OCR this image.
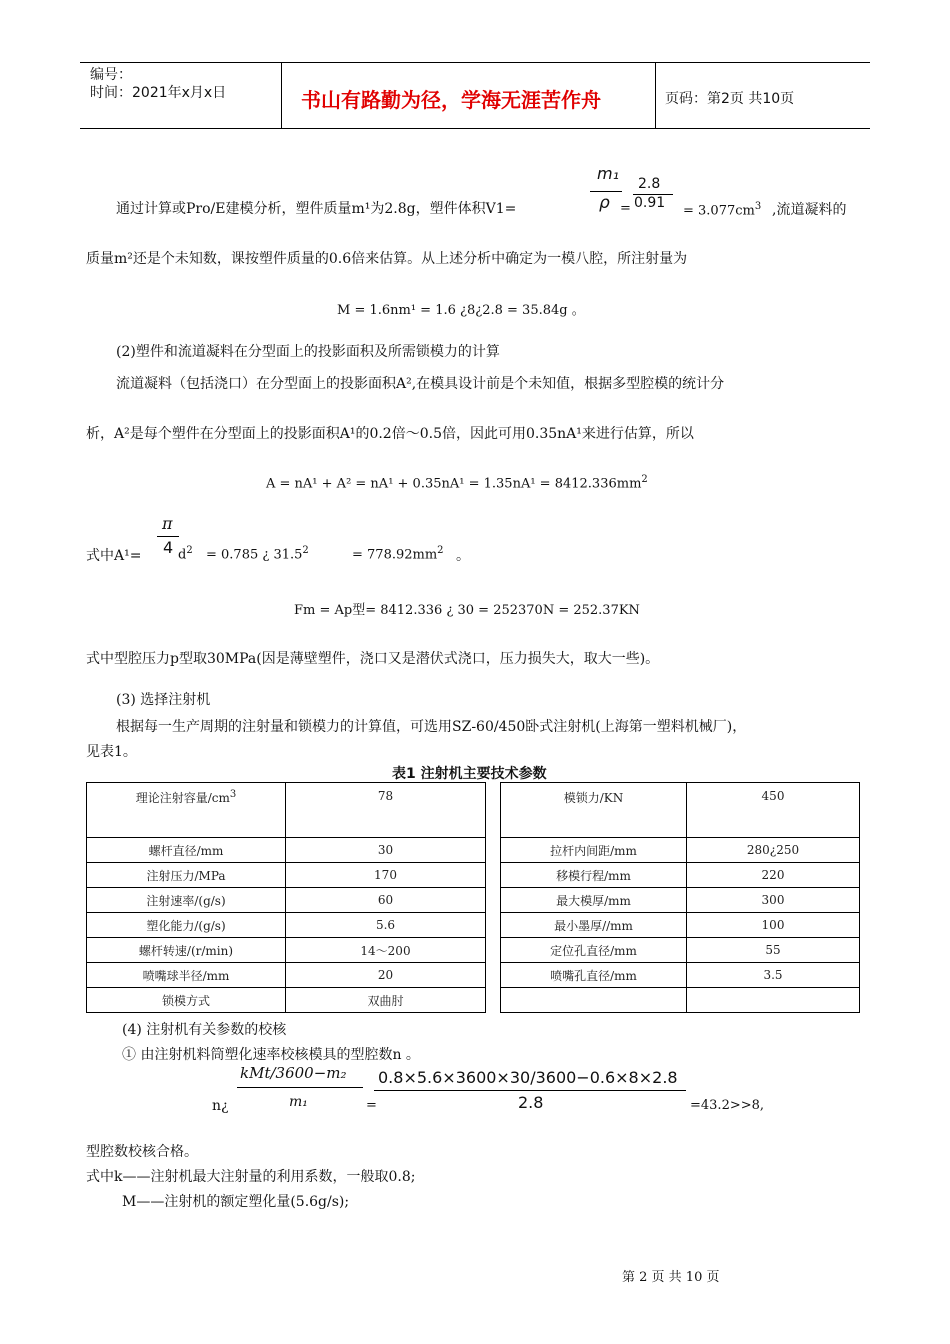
编号：
时间：2021年x月x日	书山有路勤为径，学海无涯苦作舟	页码：第2页 共10页
通过计算或Pro/E建模分析，塑件质量m¹为2.8g，塑件体积V1=
m₁
ρ =
2.8
$0.91 = 3.077cm^3$ ,流道凝料的
质量m²还是个未知数，课按塑件质量的0.6倍来估算。从上述分析中确定为一模八腔，所注射量为
M = 1.6nm¹ = 1.6 ¿8¿2.8 = 35.84g 。
(2)塑件和流道凝料在分型面上的投影面积及所需锁模力的计算
流道凝料（包括浇口）在分型面上的投影面积A²,在模具设计前是个未知值，根据多型腔模的统计分
析，A²是每个塑件在分型面上的投影面积A¹的0.2倍～0.5倍，因此可用0.35nA¹来进行估算，所以
$A = nA^1 + A^2 = nA^1 + 0.35nA^1 = 1.35nA^1 = 8412.336mm^2$
式中A¹=
π
4 $d^2 = 0.785$ ¿ $31.5^2$	= $778.92mm^2$ 。
Fm = Ap型= 8412.336 ¿ 30 = 252370N = 252.37KN
式中型腔压力p型取30MPa(因是薄壁塑件，浇口又是潜伏式浇口，压力损失大，取大一些)。
(3) 选择注射机
根据每一生产周期的注射量和锁模力的计算值，可选用SZ-60/450卧式注射机(上海第一塑料机械厂)，
见表1。
表1 注射机主要技术参数
理论注射容量$/cm^3$	78		模锁力/KN	450
螺杆直径/mm	30		拉杆内间距/mm	280¿250
注射压力/MPa	170		移模行程/mm	220
注射速率/(g/s)	60		最大模厚/mm	300
塑化能力/(g/s)	5.6		最小墨厚//mm	100
螺杆转速/(r/min)	14～200		定位孔直径/mm	55
喷嘴球半径/mm	20		喷嘴孔直径/mm	3.5
锁模方式	双曲肘			
(4) 注射机有关参数的校核
① 由注射机料筒塑化速率校核模具的型腔数n 。
n¿
kMt/3600−m₂
m₁	=
0.8×5.6×3600×30/3600−0.6×8×2.8
2.8	=43.2>>8,
型腔数校核合格。
式中k——注射机最大注射量的利用系数，一般取0.8;
M——注射机的额定塑化量(5.6g/s);
第 2 页 共 10 页
